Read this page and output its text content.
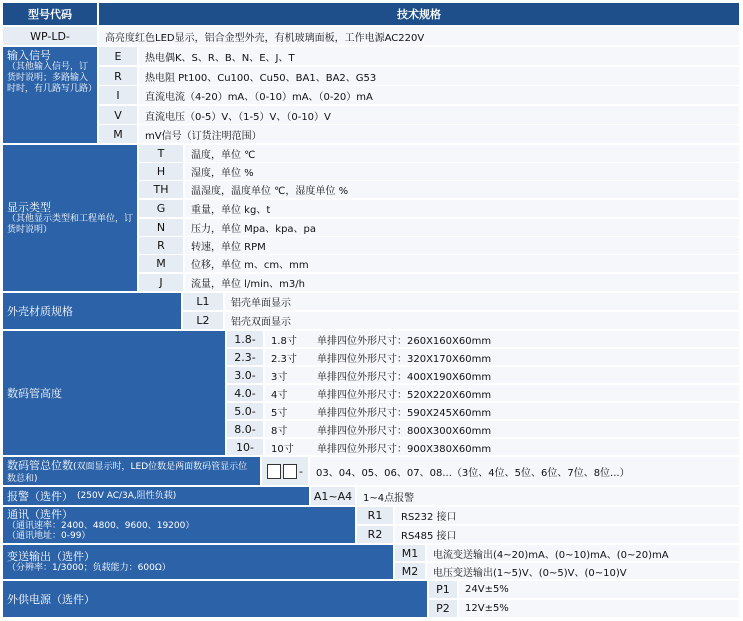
型号代码	技术规格
WP-LD-	高亮度红色LED显示，铝合金型外壳，有机玻璃面板，工作电源AC220V
输入信号
（其他输入信号，订货时说明；多路输入时时，有几路写几路）
E	热电偶K、S、R、B、N、E、J、T
R	热电阻 Pt100、Cu100、Cu50、BA1、BA2、G53
I	直流电流（4-20）mA、（0-10）mA、（0-20）mA
V	直流电压（0-5）V、（1-5）V、（0-10）V
M	mV信号（订货注明范围）
显示类型
（其他显示类型和工程单位，订货时说明）
T	温度，单位 ℃
H	湿度，单位 %
TH	温湿度，温度单位 ℃，湿度单位 %
G	重量，单位 kg、t
N	压力，单位 Mpa、kpa、pa
R	转速，单位 RPM
M	位移，单位 m、cm、mm
J	流量，单位 l/min、m3/h
外壳材质规格
L1	铝壳单面显示
L2	铝壳双面显示
数码管高度
1.8-	1.8寸	单排四位外形尺寸：260X160X60mm
2.3-	2.3寸	单排四位外形尺寸：320X170X60mm
3.0-	3寸	单排四位外形尺寸：400X190X60mm
4.0-	4寸	单排四位外形尺寸：520X220X60mm
5.0-	5寸	单排四位外形尺寸：590X245X60mm
8.0-	8寸	单排四位外形尺寸：800X300X60mm
10-	10寸	单排四位外形尺寸：900X380X60mm
数码管总位数(双面显示时，LED位数是两面数码管显示位数总和)
-	03、04、05、06、07、08...（3位、4位、5位、6位、7位、8位...）
报警（选件） (250V AC/3A,阻性负载)	A1~A4	1~4点报警
通讯（选件）
（通讯速率：2400、4800、9600、19200）
（通讯地址：0-99）
R1	RS232 接口
R2	RS485 接口
变送输出（选件）
（分辨率：1/3000；负载能力：600Ω）
M1	电流变送输出(4~20)mA、(0~10)mA、(0~20)mA
M2	电压变送输出(1~5)V、(0~5)V、(0~10)V
外供电源（选件）
P1	24V±5%
P2	12V±5%
